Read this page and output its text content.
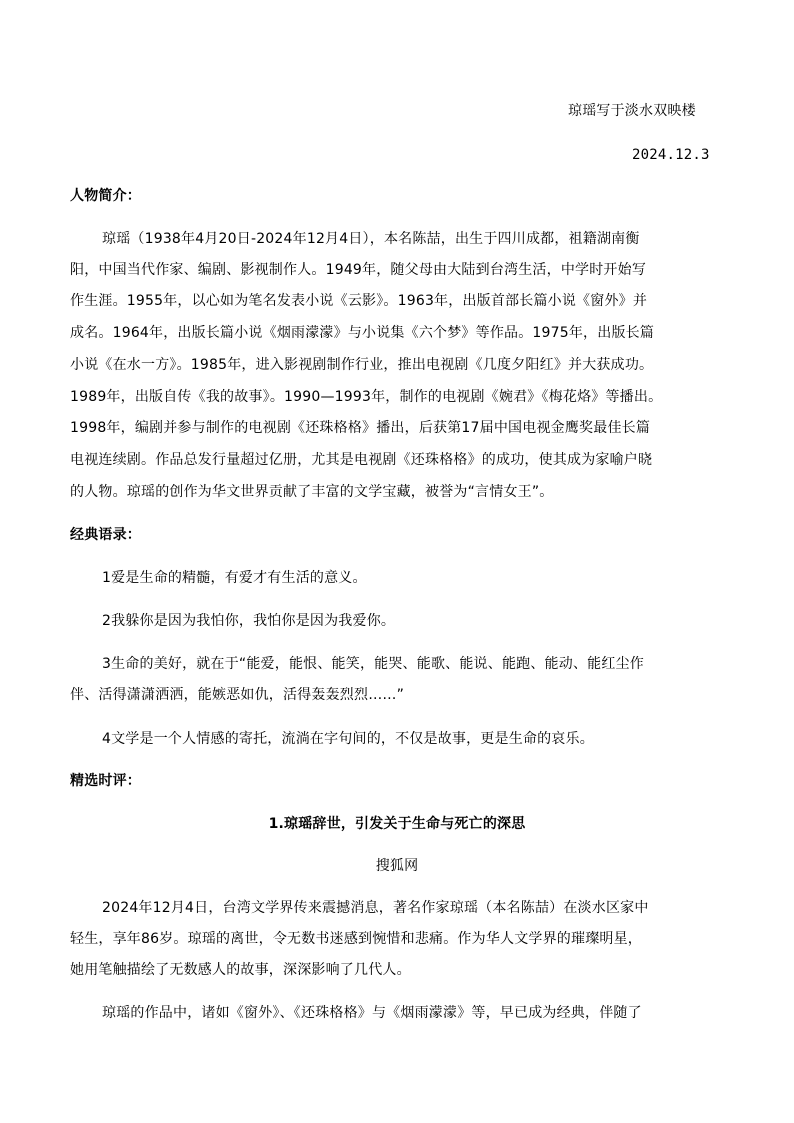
琼瑶写于淡水双映楼
2024.12.3
人物简介：
琼瑶（1938年4月20日-2024年12月4日），本名陈喆，出生于四川成都，祖籍湖南衡
阳，中国当代作家、编剧、影视制作人。1949年，随父母由大陆到台湾生活，中学时开始写
作生涯。1955年，以心如为笔名发表小说《云影》。1963年，出版首部长篇小说《窗外》并
成名。1964年，出版长篇小说《烟雨濛濛》与小说集《六个梦》等作品。1975年，出版长篇
小说《在水一方》。1985年，进入影视剧制作行业，推出电视剧《几度夕阳红》并大获成功。
1989年，出版自传《我的故事》。1990—1993年，制作的电视剧《婉君》《梅花烙》等播出。
1998年，编剧并参与制作的电视剧《还珠格格》播出，后获第17届中国电视金鹰奖最佳长篇
电视连续剧。作品总发行量超过亿册，尤其是电视剧《还珠格格》的成功，使其成为家喻户晓
的人物。琼瑶的创作为华文世界贡献了丰富的文学宝藏，被誉为“言情女王”。
经典语录：
1爱是生命的精髓，有爱才有生活的意义。
2我躲你是因为我怕你，我怕你是因为我爱你。
3生命的美好，就在于“能爱，能恨、能笑，能哭、能歌、能说、能跑、能动、能红尘作
伴、活得潇潇洒洒，能嫉恶如仇，活得轰轰烈烈……”
4文学是一个人情感的寄托，流淌在字句间的，不仅是故事，更是生命的哀乐。
精选时评：
1.琼瑶辞世，引发关于生命与死亡的深思
搜狐网
2024年12月4日，台湾文学界传来震撼消息，著名作家琼瑶（本名陈喆）在淡水区家中
轻生，享年86岁。琼瑶的离世，令无数书迷感到惋惜和悲痛。作为华人文学界的璀璨明星，
她用笔触描绘了无数感人的故事，深深影响了几代人。
琼瑶的作品中，诸如《窗外》、《还珠格格》与《烟雨濛濛》等，早已成为经典，伴随了
